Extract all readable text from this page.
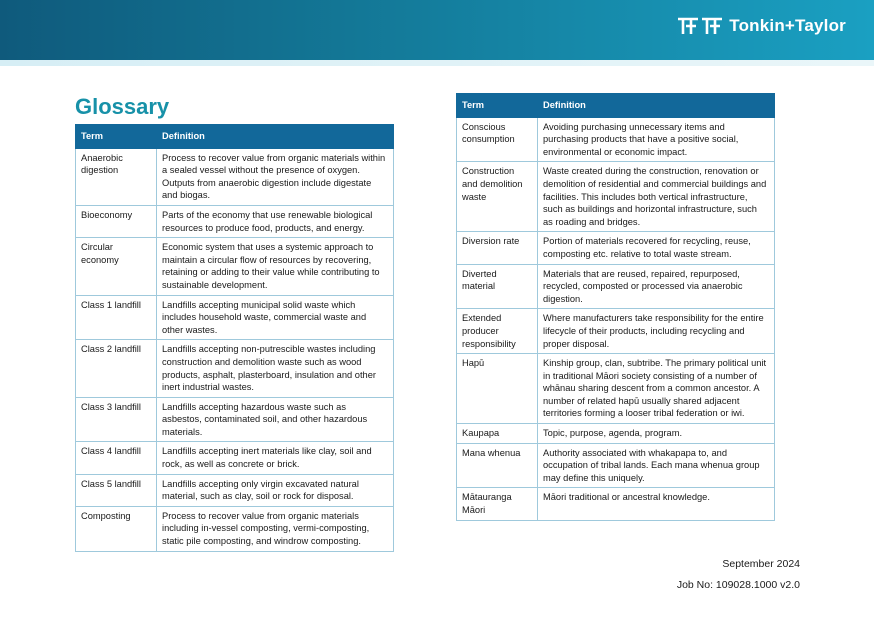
Tonkin+Taylor
Glossary
Term	Definition
Anaerobic digestion	Process to recover value from organic materials within a sealed vessel without the presence of oxygen. Outputs from anaerobic digestion include digestate and biogas.
Bioeconomy	Parts of the economy that use renewable biological resources to produce food, products, and energy.
Circular economy	Economic system that uses a systemic approach to maintain a circular flow of resources by recovering, retaining or adding to their value while contributing to sustainable development.
Class 1 landfill	Landfills accepting municipal solid waste which includes household waste, commercial waste and other wastes.
Class 2 landfill	Landfills accepting non-putrescible wastes including construction and demolition waste such as wood products, asphalt, plasterboard, insulation and other inert industrial wastes.
Class 3 landfill	Landfills accepting hazardous waste such as asbestos, contaminated soil, and other hazardous materials.
Class 4 landfill	Landfills accepting inert materials like clay, soil and rock, as well as concrete or brick.
Class 5 landfill	Landfills accepting only virgin excavated natural material, such as clay, soil or rock for disposal.
Composting	Process to recover value from organic materials including in-vessel composting, vermi-composting, static pile composting, and windrow composting.
Term	Definition
Conscious consumption	Avoiding purchasing unnecessary items and purchasing products that have a positive social, environmental or economic impact.
Construction and demolition waste	Waste created during the construction, renovation or demolition of residential and commercial buildings and facilities. This includes both vertical infrastructure, such as buildings and horizontal infrastructure, such as roading and bridges.
Diversion rate	Portion of materials recovered for recycling, reuse, composting etc. relative to total waste stream.
Diverted material	Materials that are reused, repaired, repurposed, recycled, composted or processed via anaerobic digestion.
Extended producer responsibility	Where manufacturers take responsibility for the entire lifecycle of their products, including recycling and proper disposal.
Hapū	Kinship group, clan, subtribe. The primary political unit in traditional Māori society consisting of a number of whānau sharing descent from a common ancestor. A number of related hapū usually shared adjacent territories forming a looser tribal federation or iwi.
Kaupapa	Topic, purpose, agenda, program.
Mana whenua	Authority associated with whakapapa to, and occupation of tribal lands. Each mana whenua group may define this uniquely.
Mātauranga Māori	Māori traditional or ancestral knowledge.
September 2024
Job No: 109028.1000 v2.0
